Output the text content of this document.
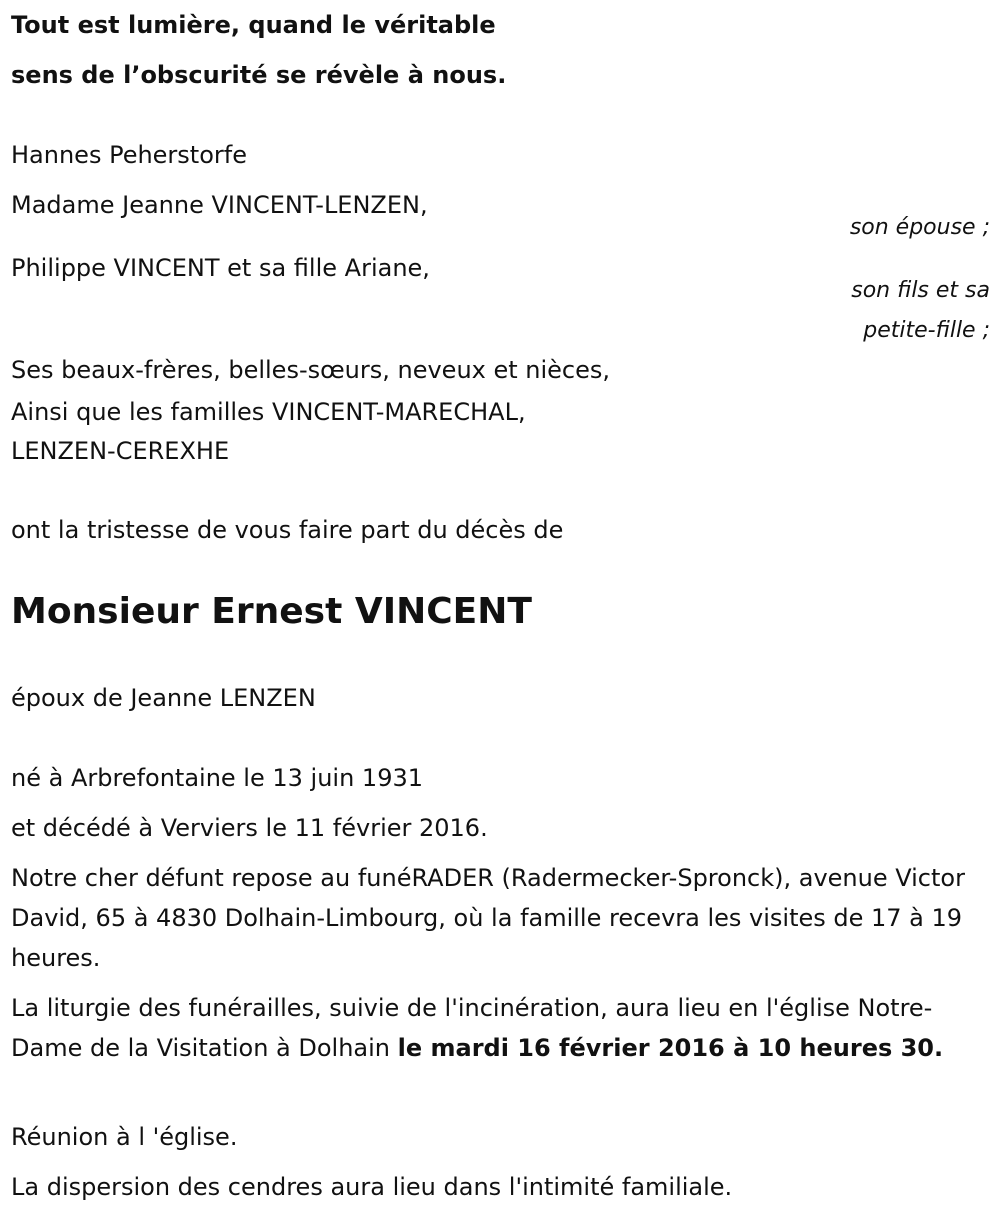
Tout est lumière, quand le véritable
sens de l’obscurité se révèle à nous.
Hannes Peherstorfe
Madame Jeanne VINCENT-LENZEN,
son épouse ;
Philippe VINCENT et sa fille Ariane,
son fils et sa
petite-fille ;
Ses beaux-frères, belles-sœurs, neveux et nièces,
Ainsi que les familles VINCENT-MARECHAL,
LENZEN-CEREXHE
ont la tristesse de vous faire part du décès de
Monsieur Ernest VINCENT
époux de Jeanne LENZEN
né à Arbrefontaine le 13 juin 1931
et décédé à Verviers le 11 février 2016.
Notre cher défunt repose au funéRADER (Radermecker-Spronck), avenue Victor David, 65 à 4830 Dolhain-Limbourg, où la famille recevra les visites de 17 à 19 heures.
La liturgie des funérailles, suivie de l'incinération, aura lieu en l'église Notre-Dame de la Visitation à Dolhain le mardi 16 février 2016 à 10 heures 30.
Réunion à l 'église.
La dispersion des cendres aura lieu dans l'intimité familiale.
